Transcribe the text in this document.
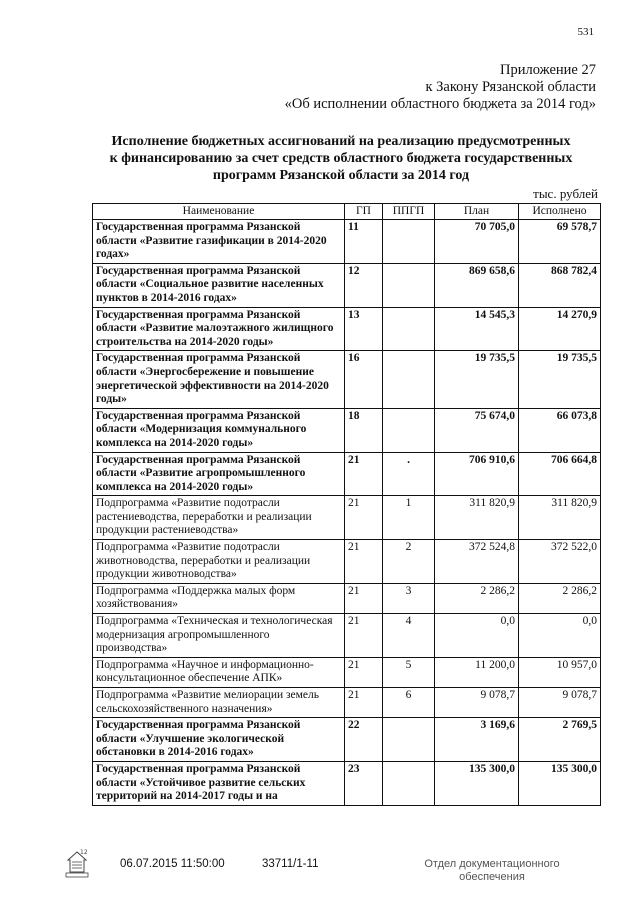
531
Приложение 27
к Закону Рязанской области
«Об исполнении областного бюджета за 2014 год»
Исполнение бюджетных ассигнований на реализацию предусмотренных
к финансированию за счет средств областного бюджета государственных
программ Рязанской области за 2014 год
тыс. рублей
Наименование	ГП	ППГП	План	Исполнено
Государственная программа Рязанской области «Развитие газификации в 2014-2020 годах»	11		70 705,0	69 578,7
Государственная программа Рязанской области «Социальное развитие населенных пунктов в 2014-2016 годах»	12		869 658,6	868 782,4
Государственная программа Рязанской области «Развитие малоэтажного жилищного строительства на 2014-2020 годы»	13		14 545,3	14 270,9
Государственная программа Рязанской области «Энергосбережение и повышение энергетической эффективности на 2014-2020 годы»	16		19 735,5	19 735,5
Государственная программа Рязанской области «Модернизация коммунального комплекса на 2014-2020 годы»	18		75 674,0	66 073,8
Государственная программа Рязанской области «Развитие агропромышленного комплекса на 2014-2020 годы»	21	.	706 910,6	706 664,8
Подпрограмма «Развитие подотрасли растениеводства, переработки и реализации продукции растениеводства»	21	1	311 820,9	311 820,9
Подпрограмма «Развитие подотрасли животноводства, переработки и реализации продукции животноводства»	21	2	372 524,8	372 522,0
Подпрограмма «Поддержка малых форм хозяйствования»	21	3	2 286,2	2 286,2
Подпрограмма «Техническая и технологическая модернизация агропромышленного производства»	21	4	0,0	0,0
Подпрограмма «Научное и информационно-консультационное обеспечение АПК»	21	5	11 200,0	10 957,0
Подпрограмма «Развитие мелиорации земель сельскохозяйственного назначения»	21	6	9 078,7	9 078,7
Государственная программа Рязанской области «Улучшение экологической обстановки в 2014-2016 годах»	22		3 169,6	2 769,5
Государственная программа Рязанской области «Устойчивое развитие сельских территорий на 2014-2017 годы и на	23		135 300,0	135 300,0
12
06.07.2015 11:50:00	33711/1-11	Отдел документационного
обеспечения
